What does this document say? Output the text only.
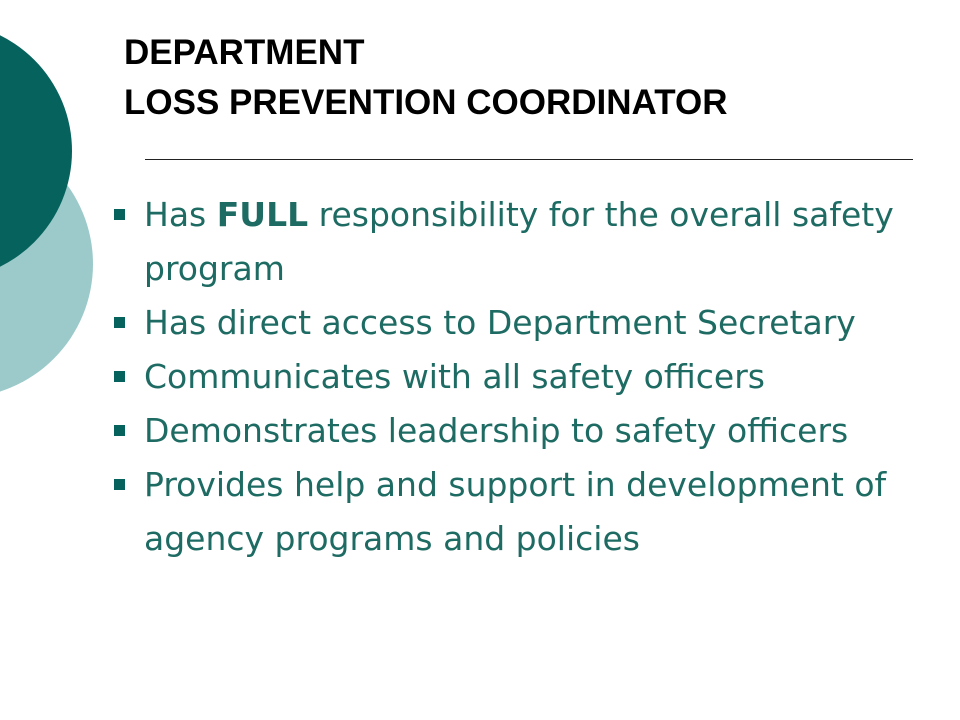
DEPARTMENT
LOSS PREVENTION COORDINATOR
Has FULL responsibility for the overall safety program
Has direct access to Department Secretary
Communicates with all safety officers
Demonstrates leadership to safety officers
Provides help and support in development of agency programs and policies
